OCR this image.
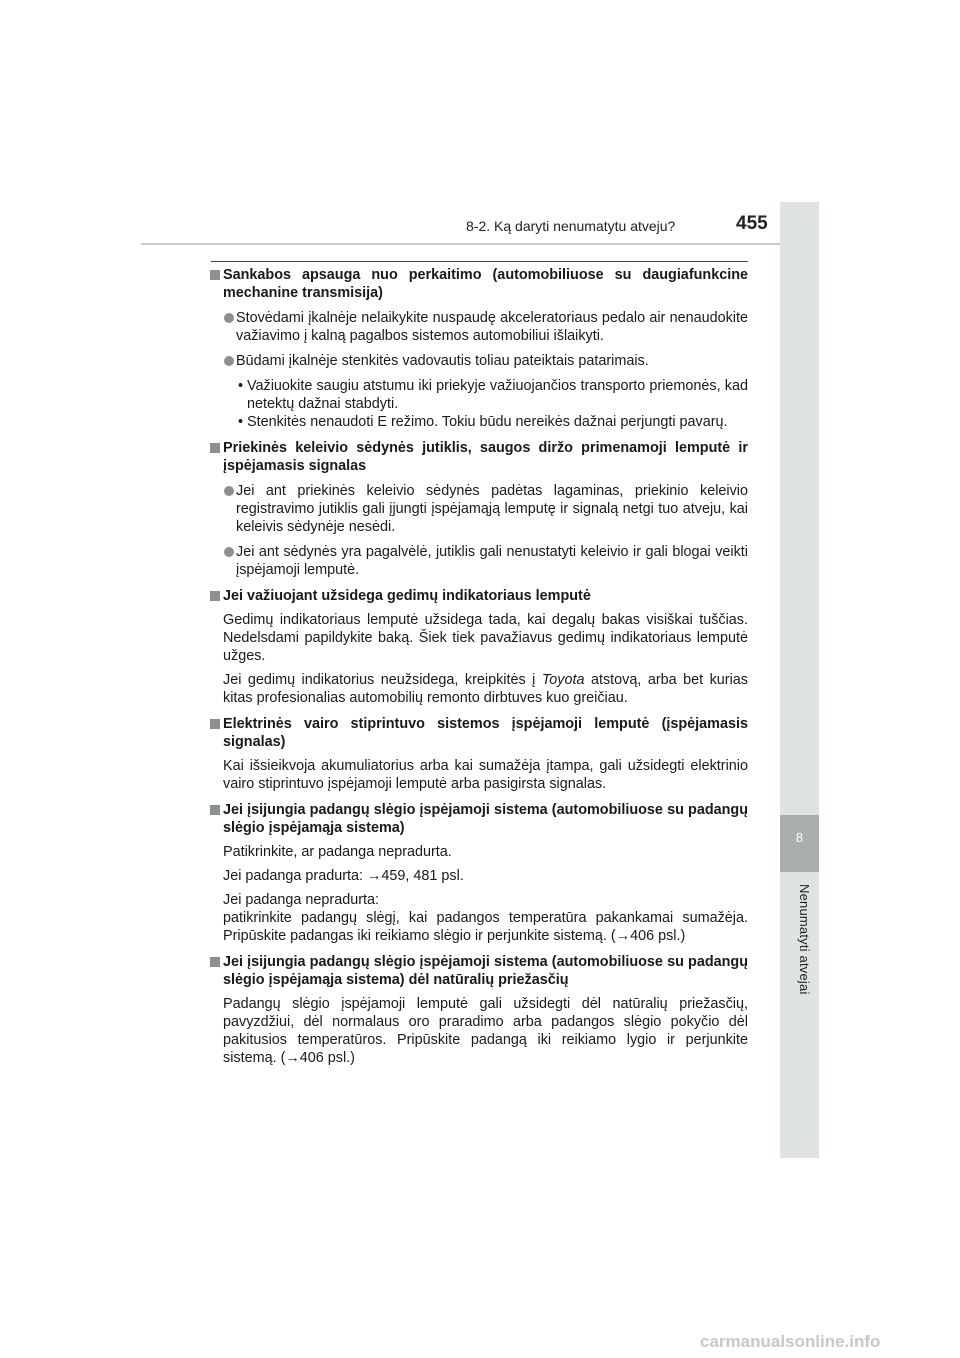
8-2. Ką daryti nenumatytu atveju?	455
8
Nenumatyti atvejai
Sankabos apsauga nuo perkaitimo (automobiliuose su daugiafunkcine mechanine transmisija)
Stovėdami įkalnėje nelaikykite nuspaudę akceleratoriaus pedalo air nenaudokite važiavimo į kalną pagalbos sistemos automobiliui išlaikyti.
Būdami įkalnėje stenkitės vadovautis toliau pateiktais patarimais.
• Važiuokite saugiu atstumu iki priekyje važiuojančios transporto priemonės, kad netektų dažnai stabdyti.
• Stenkitės nenaudoti E režimo. Tokiu būdu nereikės dažnai perjungti pavarų.
Priekinės keleivio sėdynės jutiklis, saugos diržo primenamoji lemputė ir įspėjamasis signalas
Jei ant priekinės keleivio sėdynės padėtas lagaminas, priekinio keleivio registravimo jutiklis gali įjungti įspėjamąją lemputę ir signalą netgi tuo atveju, kai keleivis sėdynėje nesėdi.
Jei ant sėdynės yra pagalvėlė, jutiklis gali nenustatyti keleivio ir gali blogai veikti įspėjamoji lemputė.
Jei važiuojant užsidega gedimų indikatoriaus lemputė
Gedimų indikatoriaus lemputė užsidega tada, kai degalų bakas visiškai tuščias. Nedelsdami papildykite baką. Šiek tiek pavažiavus gedimų indikatoriaus lemputė užges.
Jei gedimų indikatorius neužsidega, kreipkitės į Toyota atstovą, arba bet kurias kitas profesionalias automobilių remonto dirbtuves kuo greičiau.
Elektrinės vairo stiprintuvo sistemos įspėjamoji lemputė (įspėjamasis signalas)
Kai išsieikvoja akumuliatorius arba kai sumažėja įtampa, gali užsidegti elektrinio vairo stiprintuvo įspėjamoji lemputė arba pasigirsta signalas.
Jei įsijungia padangų slėgio įspėjamoji sistema (automobiliuose su padangų slėgio įspėjamąja sistema)
Patikrinkite, ar padanga nepradurta.
Jei padanga pradurta: →459, 481 psl.
Jei padanga nepradurta:
patikrinkite padangų slėgį, kai padangos temperatūra pakankamai sumažėja. Pripūskite padangas iki reikiamo slėgio ir perjunkite sistemą. (→406 psl.)
Jei įsijungia padangų slėgio įspėjamoji sistema (automobiliuose su padangų slėgio įspėjamąja sistema) dėl natūralių priežasčių
Padangų slėgio įspėjamoji lemputė gali užsidegti dėl natūralių priežasčių, pavyzdžiui, dėl normalaus oro praradimo arba padangos slėgio pokyčio dėl pakitusios temperatūros. Pripūskite padangą iki reikiamo lygio ir perjunkite sistemą. (→406 psl.)
carmanualsonline.info
